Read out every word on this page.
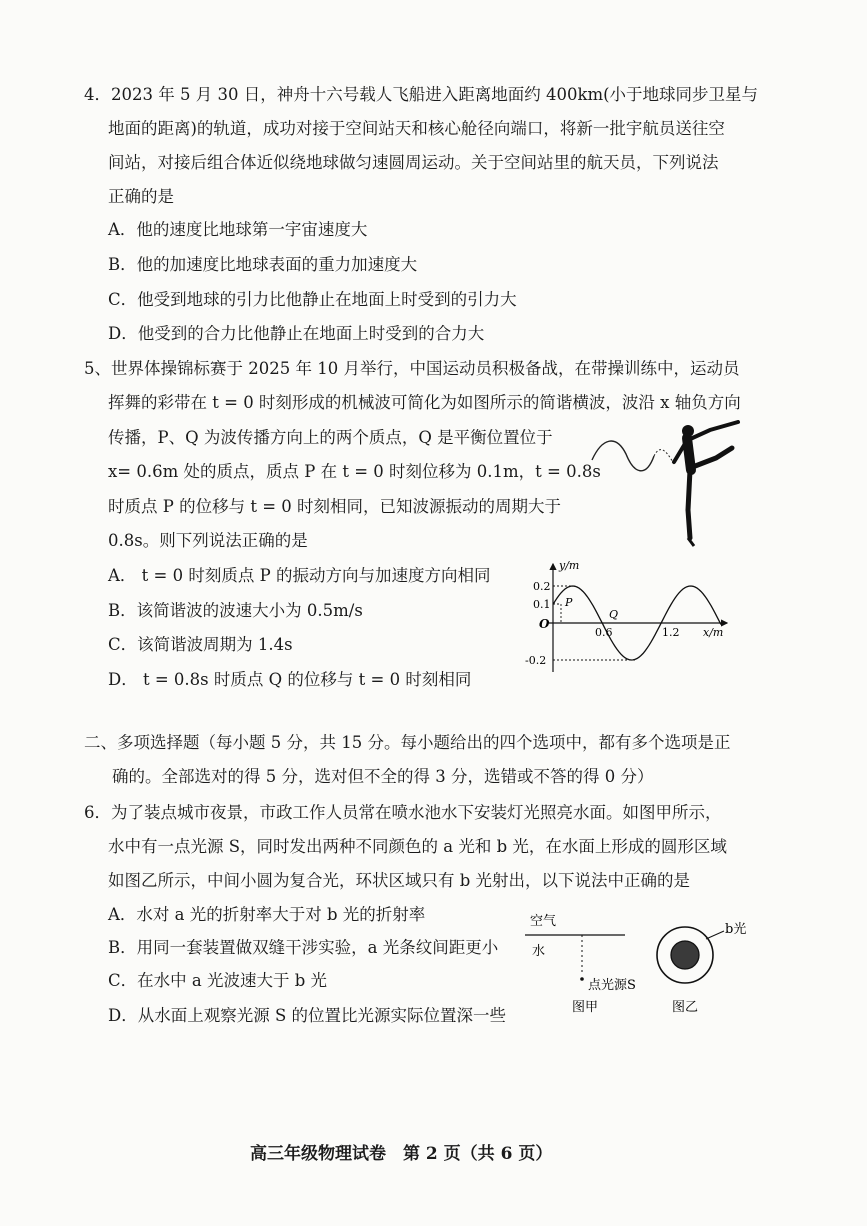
4．2023 年 5 月 30 日，神舟十六号载人飞船进入距离地面约 400km(小于地球同步卫星与
地面的距离)的轨道，成功对接于空间站天和核心舱径向端口，将新一批宇航员送往空
间站，对接后组合体近似绕地球做匀速圆周运动。关于空间站里的航天员，下列说法
正确的是
A．他的速度比地球第一宇宙速度大
B．他的加速度比地球表面的重力加速度大
C．他受到地球的引力比他静止在地面上时受到的引力大
D．他受到的合力比他静止在地面上时受到的合力大
5、世界体操锦标赛于 2025 年 10 月举行，中国运动员积极备战，在带操训练中，运动员
挥舞的彩带在 t = 0 时刻形成的机械波可简化为如图所示的简谐横波，波沿 x 轴负方向
传播，P、Q 为波传播方向上的两个质点，Q 是平衡位置位于
x= 0.6m 处的质点，质点 P 在 t = 0 时刻位移为 0.1m，t = 0.8s
时质点 P 的位移与 t = 0 时刻相同，已知波源振动的周期大于
0.8s。则下列说法正确的是
A． t = 0 时刻质点 P 的振动方向与加速度方向相同
B．该简谐波的波速大小为 0.5m/s
C．该简谐波周期为 1.4s
D． t = 0.8s 时质点 Q 的位移与 t = 0 时刻相同
0.2
0.1
-0.2
0.6	1.2
O
y/m
x/m
P
Q
二、多项选择题（每小题 5 分，共 15 分。每小题给出的四个选项中，都有多个选项是正
确的。全部选对的得 5 分，选对但不全的得 3 分，选错或不答的得 0 分）
6．为了装点城市夜景，市政工作人员常在喷水池水下安装灯光照亮水面。如图甲所示，
水中有一点光源 S，同时发出两种不同颜色的 a 光和 b 光，在水面上形成的圆形区域
如图乙所示，中间小圆为复合光，环状区域只有 b 光射出，以下说法中正确的是
A．水对 a 光的折射率大于对 b 光的折射率
B．用同一套装置做双缝干涉实验，a 光条纹间距更小
C．在水中 a 光波速大于 b 光
D．从水面上观察光源 S 的位置比光源实际位置深一些
空气
水
点光源S
图甲
b光
图乙
高三年级物理试卷　第 2 页（共 6 页）
